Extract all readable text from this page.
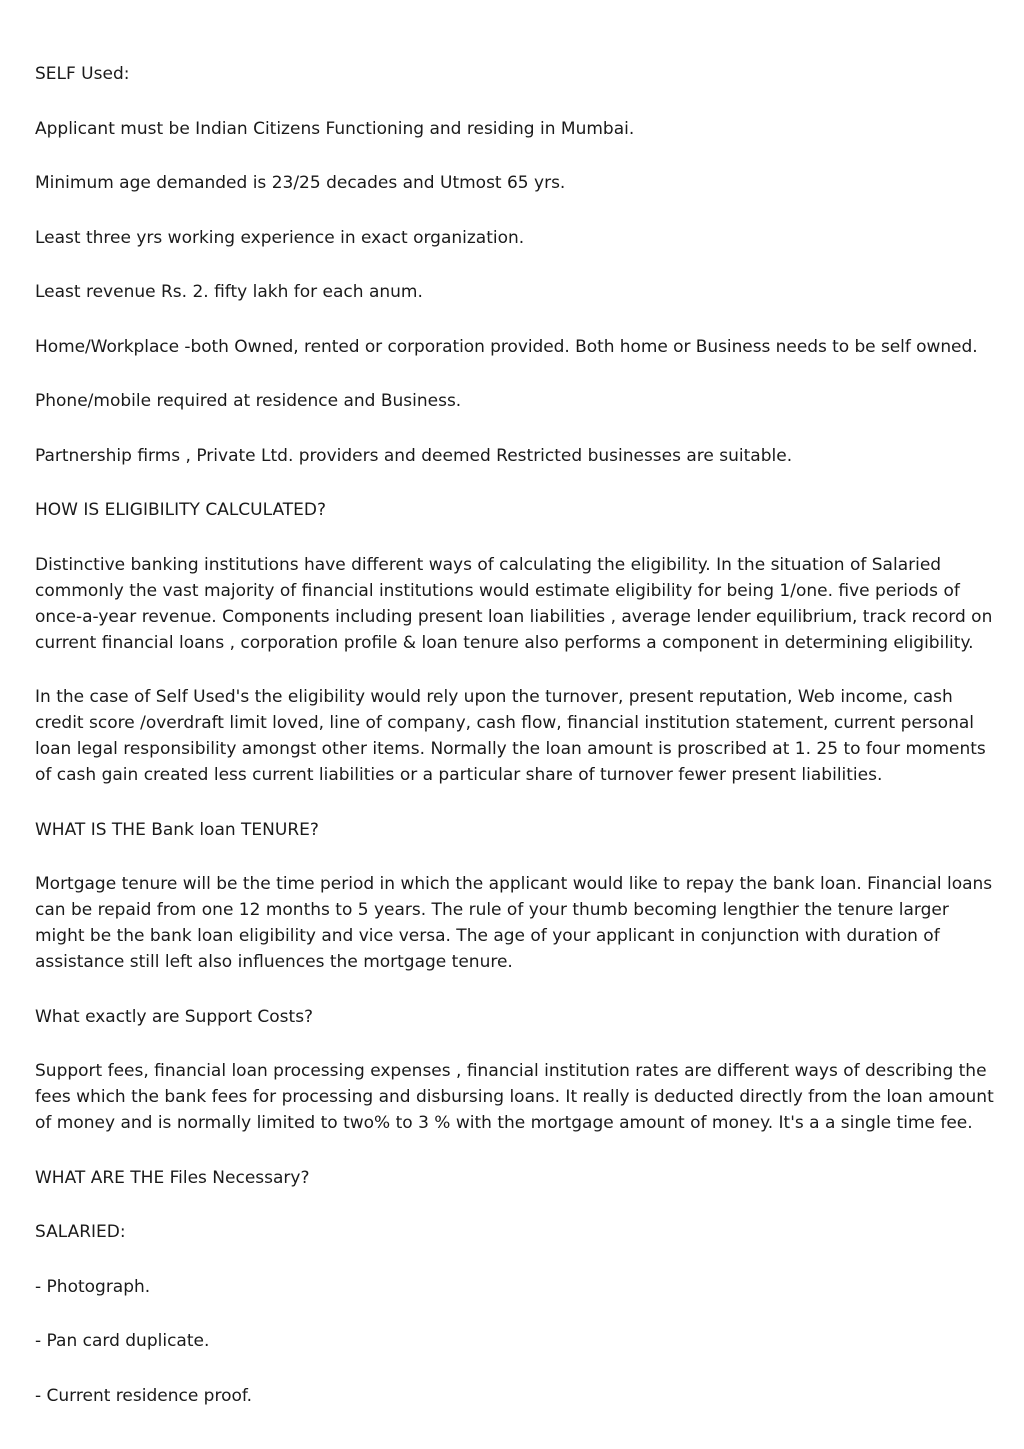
SELF Used:

Applicant must be Indian Citizens Functioning and residing in Mumbai.

Minimum age demanded is 23/25 decades and Utmost 65 yrs.

Least three yrs working experience in exact organization.

Least revenue Rs. 2. fifty lakh for each anum.

Home/Workplace -both Owned, rented or corporation provided. Both home or Business needs to be self owned.

Phone/mobile required at residence and Business.

Partnership firms , Private Ltd. providers and deemed Restricted businesses are suitable.

HOW IS ELIGIBILITY CALCULATED?

Distinctive banking institutions have different ways of calculating the eligibility. In the situation of Salaried commonly the vast majority of financial institutions would estimate eligibility for being 1/one. five periods of once-a-year revenue. Components including present loan liabilities , average lender equilibrium, track record on current financial loans , corporation profile & loan tenure also performs a component in determining eligibility.

In the case of Self Used's the eligibility would rely upon the turnover, present reputation, Web income, cash credit score /overdraft limit loved, line of company, cash flow, financial institution statement, current personal loan legal responsibility amongst other items. Normally the loan amount is proscribed at 1. 25 to four moments of cash gain created less current liabilities or a particular share of turnover fewer present liabilities.

WHAT IS THE Bank loan TENURE?

Mortgage tenure will be the time period in which the applicant would like to repay the bank loan. Financial loans can be repaid from one 12 months to 5 years. The rule of your thumb becoming lengthier the tenure larger might be the bank loan eligibility and vice versa. The age of your applicant in conjunction with duration of assistance still left also influences the mortgage tenure.

What exactly are Support Costs?

Support fees, financial loan processing expenses , financial institution rates are different ways of describing the fees which the bank fees for processing and disbursing loans. It really is deducted directly from the loan amount of money and is normally limited to two% to 3 % with the mortgage amount of money. It's a a single time fee.

WHAT ARE THE Files Necessary?

SALARIED:

- Photograph.

- Pan card duplicate.

- Current residence proof.
